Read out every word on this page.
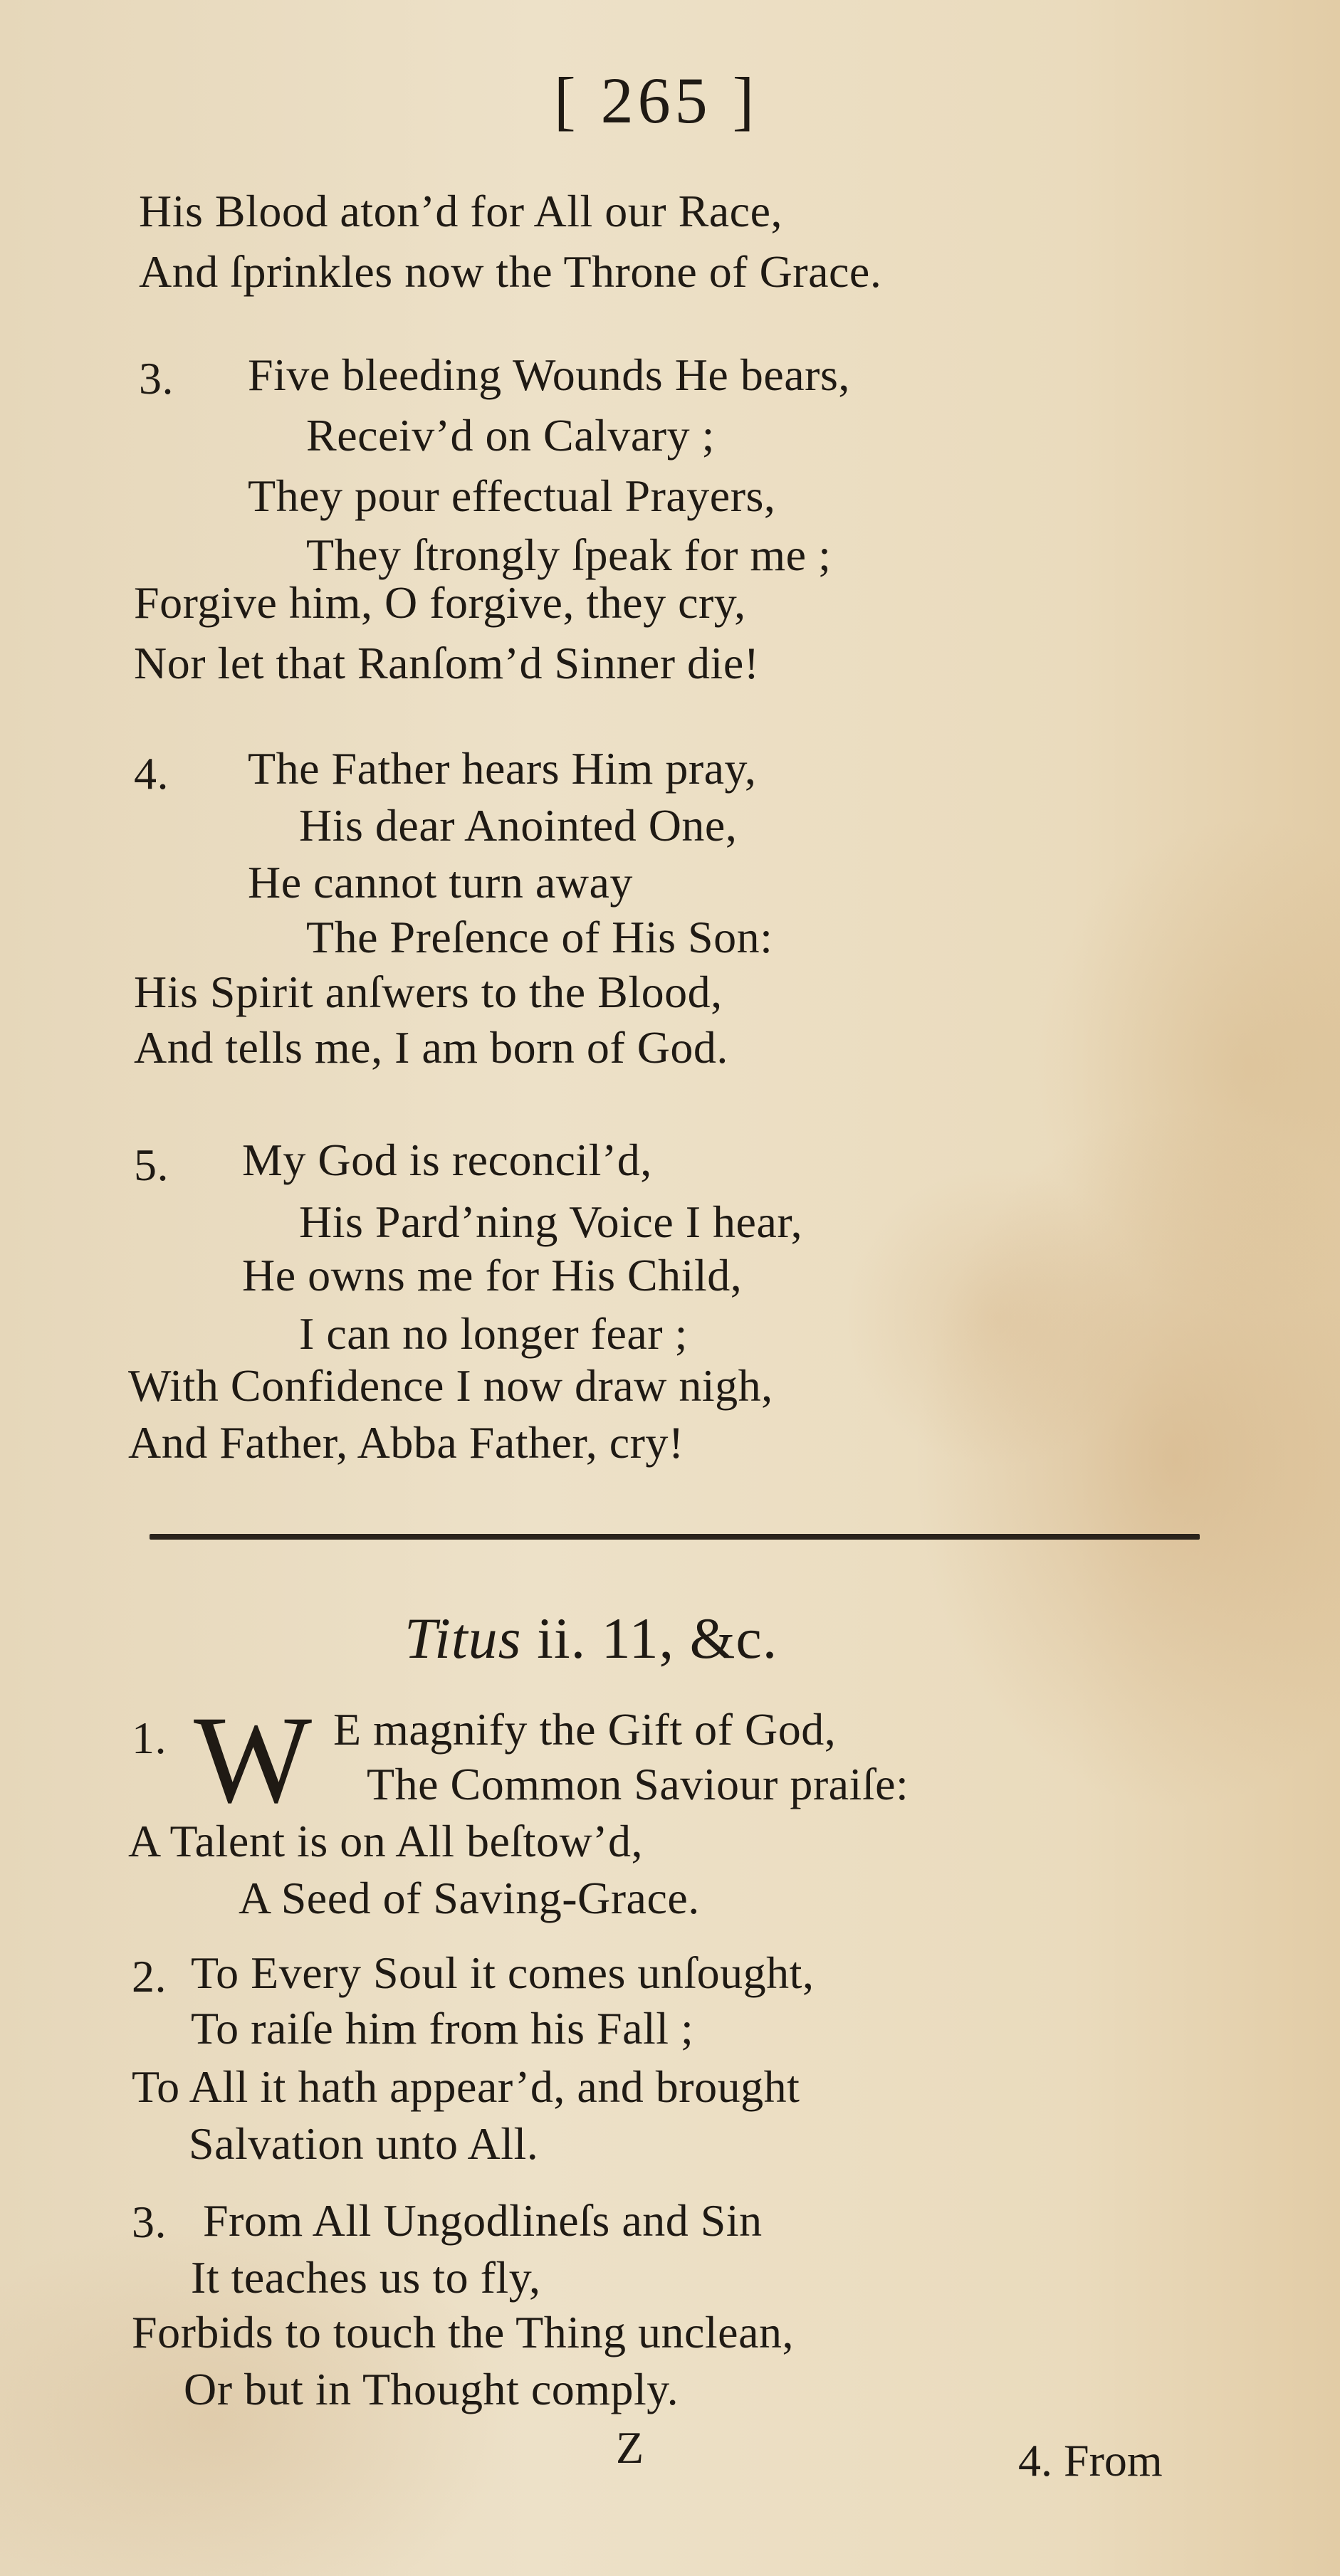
[ 265 ]
His Blood aton’d for All our Race,
And ſprinkles now the Throne of Grace.
3. Five bleeding Wounds He bears,
Receiv’d on Calvary ;
They pour effectual Prayers,
They ſtrongly ſpeak for me ;
Forgive him, O forgive, they cry,
Nor let that Ranſom’d Sinner die!
4. The Father hears Him pray,
His dear Anointed One,
He cannot turn away
The Preſence of His Son:
His Spirit anſwers to the Blood,
And tells me, I am born of God.
5. My God is reconcil’d,
His Pard’ning Voice I hear,
He owns me for His Child,
I can no longer fear ;
With Confidence I now draw nigh,
And Father, Abba Father, cry!
Titus ii. 11, &c.
1. W E magnify the Gift of God,
The Common Saviour praiſe:
A Talent is on All beſtow’d,
A Seed of Saving-Grace.
2. To Every Soul it comes unſought,
To raiſe him from his Fall ;
To All it hath appear’d, and brought
Salvation unto All.
3. From All Ungodlineſs and Sin
It teaches us to fly,
Forbids to touch the Thing unclean,
Or but in Thought comply.
Z	4. From
